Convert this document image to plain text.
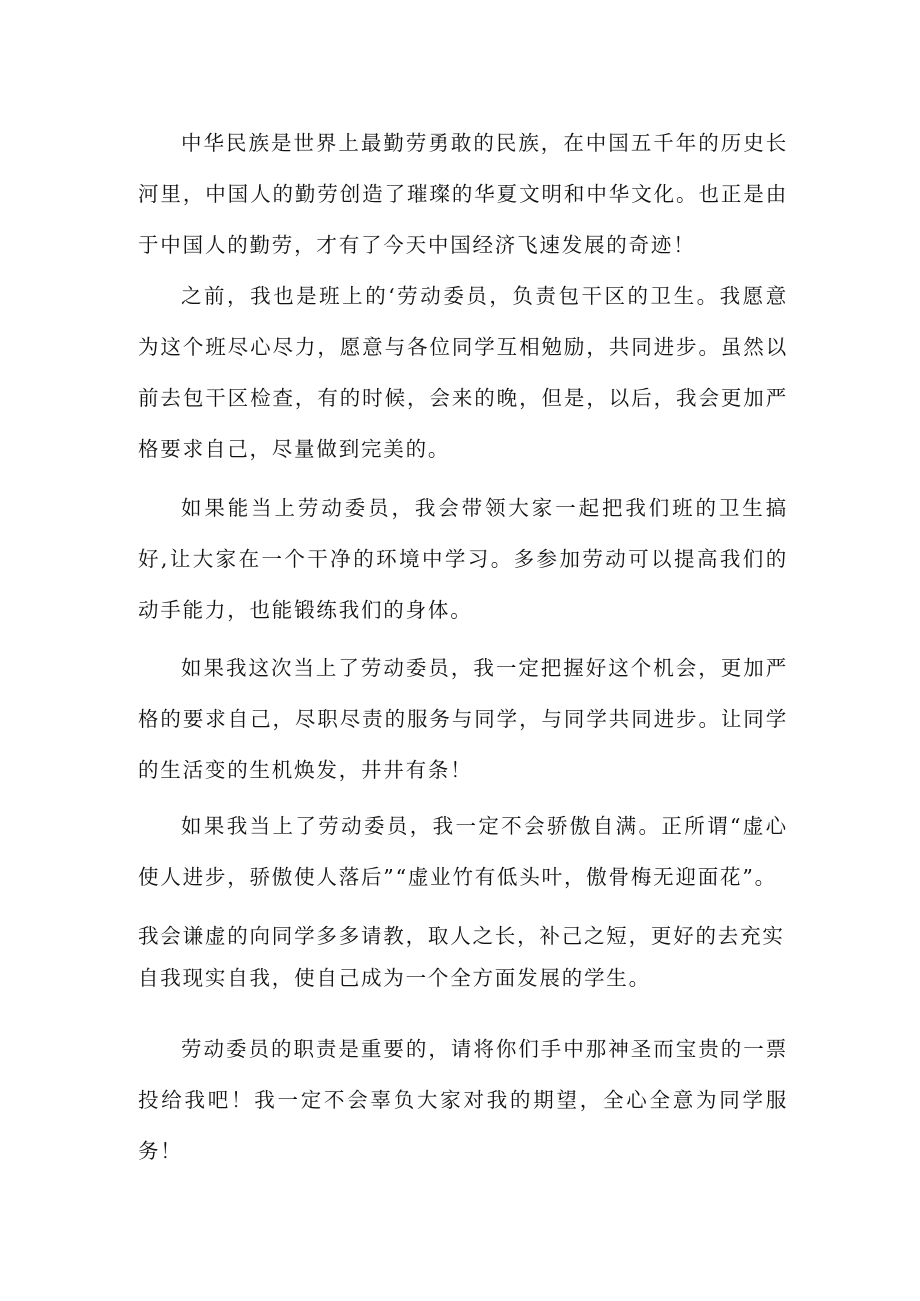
中华民族是世界上最勤劳勇敢的民族，在中国五千年的历史长河里，中国人的勤劳创造了璀璨的华夏文明和中华文化。也正是由于中国人的勤劳，才有了今天中国经济飞速发展的奇迹！

之前，我也是班上的‘劳动委员，负责包干区的卫生。我愿意为这个班尽心尽力，愿意与各位同学互相勉励，共同进步。虽然以前去包干区检查，有的时候，会来的晚，但是，以后，我会更加严格要求自己，尽量做到完美的。

如果能当上劳动委员，我会带领大家一起把我们班的卫生搞好,让大家在一个干净的环境中学习。多参加劳动可以提高我们的动手能力，也能锻练我们的身体。

如果我这次当上了劳动委员，我一定把握好这个机会，更加严格的要求自己，尽职尽责的服务与同学，与同学共同进步。让同学的生活变的生机焕发，井井有条！

如果我当上了劳动委员，我一定不会骄傲自满。正所谓“虚心使人进步，骄傲使人落后”“虚业竹有低头叶，傲骨梅无迎面花”。

我会谦虚的向同学多多请教，取人之长，补己之短，更好的去充实

自我现实自我，使自己成为一个全方面发展的学生。

劳动委员的职责是重要的，请将你们手中那神圣而宝贵的一票投给我吧！我一定不会辜负大家对我的期望，全心全意为同学服务！
